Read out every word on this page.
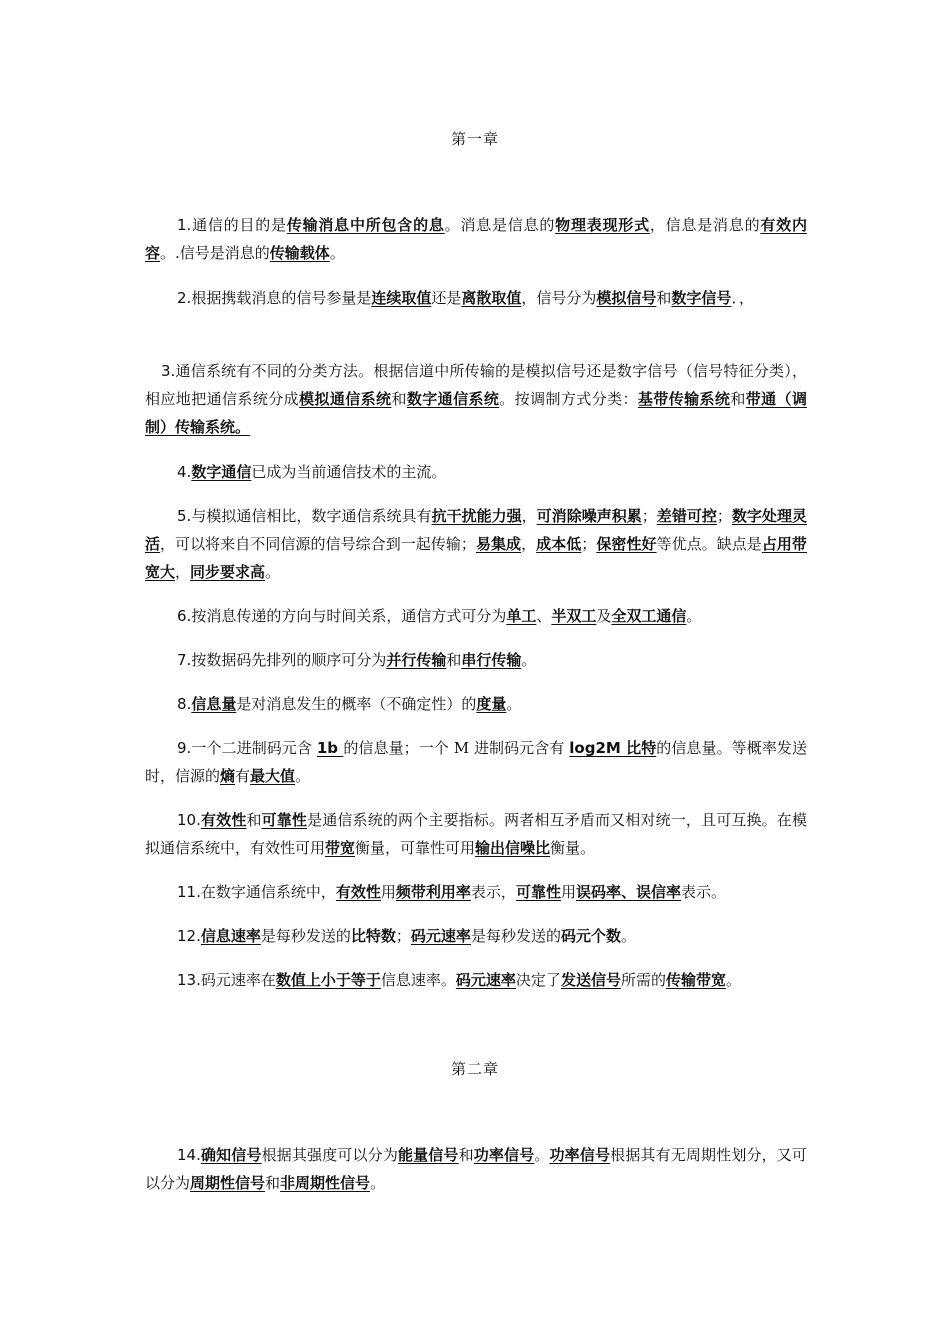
第一章

1.通信的目的是传输消息中所包含的息。消息是信息的物理表现形式，信息是消息的有效内容。.信号是消息的传输载体。

2.根据携载消息的信号参量是连续取值还是离散取值，信号分为模拟信号和数字信号．，

3.通信系统有不同的分类方法。根据信道中所传输的是模拟信号还是数字信号（信号特征分类），相应地把通信系统分成模拟通信系统和数字通信系统。按调制方式分类：基带传输系统和带通（调制）传输系统。

4.数字通信已成为当前通信技术的主流。

5.与模拟通信相比，数字通信系统具有抗干扰能力强，可消除噪声积累；差错可控；数字处理灵活，可以将来自不同信源的信号综合到一起传输；易集成，成本低；保密性好等优点。缺点是占用带宽大，同步要求高。

6.按消息传递的方向与时间关系，通信方式可分为单工、半双工及全双工通信。

7.按数据码先排列的顺序可分为并行传输和串行传输。

8.信息量是对消息发生的概率（不确定性）的度量。

9.一个二进制码元含 1b 的信息量；一个 M 进制码元含有 log2M 比特的信息量。等概率发送时，信源的熵有最大值。

10.有效性和可靠性是通信系统的两个主要指标。两者相互矛盾而又相对统一，且可互换。在模拟通信系统中，有效性可用带宽衡量，可靠性可用输出信噪比衡量。

11.在数字通信系统中，有效性用频带利用率表示，可靠性用误码率、误信率表示。

12.信息速率是每秒发送的比特数；码元速率是每秒发送的码元个数。

13.码元速率在数值上小于等于信息速率。码元速率决定了发送信号所需的传输带宽。

第二章

14.确知信号根据其强度可以分为能量信号和功率信号。功率信号根据其有无周期性划分，又可以分为周期性信号和非周期性信号。
